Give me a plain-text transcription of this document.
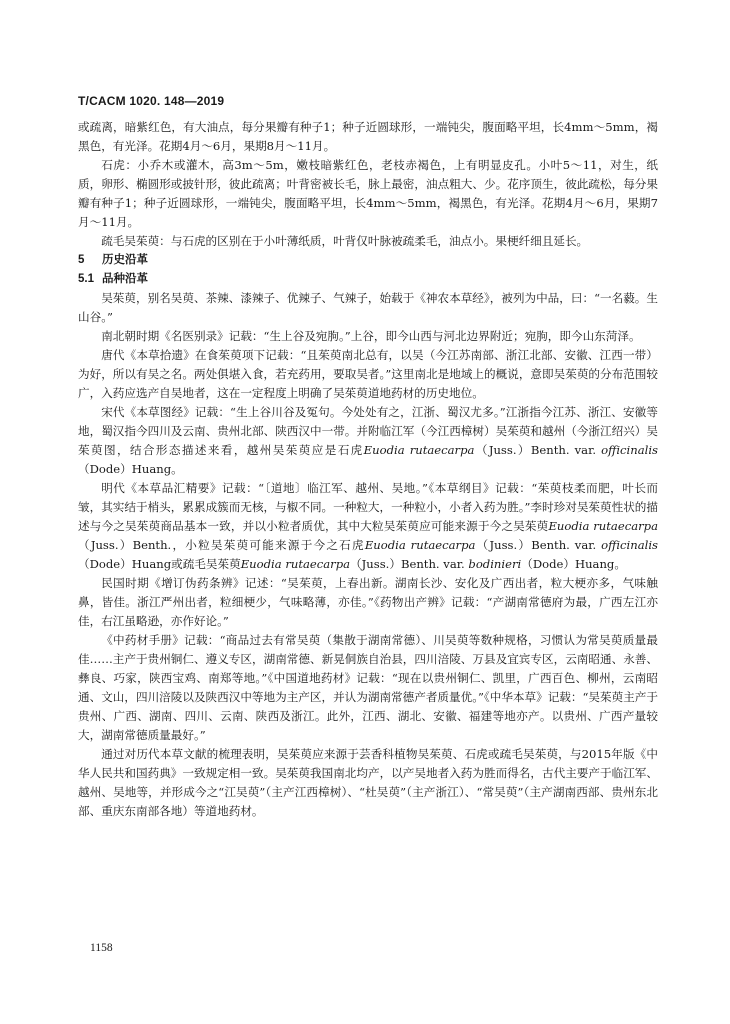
T/CACM 1020. 148—2019

或疏离，暗紫红色，有大油点，每分果瓣有种子1；种子近圆球形，一端钝尖，腹面略平坦，长4mm～5mm，褐黑色，有光泽。花期4月～6月，果期8月～11月。

石虎：小乔木或灌木，高3m～5m，嫩枝暗紫红色，老枝赤褐色，上有明显皮孔。小叶5～11，对生，纸质，卵形、椭圆形或披针形，彼此疏离；叶背密被长毛，脉上最密，油点粗大、少。花序顶生，彼此疏松，每分果瓣有种子1；种子近圆球形，一端钝尖，腹面略平坦，长4mm～5mm，褐黑色，有光泽。花期4月～6月，果期7月～11月。

疏毛吴茱萸：与石虎的区别在于小叶薄纸质，叶背仅叶脉被疏柔毛，油点小。果梗纤细且延长。

5 历史沿革

5.1 品种沿革

吴茱萸，别名吴萸、茶辣、漆辣子、优辣子、气辣子，始载于《神农本草经》，被列为中品，曰：“一名藙。生山谷。”

南北朝时期《名医别录》记载：“生上谷及宛朐。”上谷，即今山西与河北边界附近；宛朐，即今山东菏泽。

唐代《本草拾遗》在食茱萸项下记载：“且茱萸南北总有，以吴（今江苏南部、浙江北部、安徽、江西一带）为好，所以有吴之名。两处俱堪入食，若充药用，要取吴者。”这里南北是地域上的概说，意即吴茱萸的分布范围较广，入药应选产自吴地者，这在一定程度上明确了吴茱萸道地药材的历史地位。

宋代《本草图经》记载：“生上谷川谷及冤句。今处处有之，江浙、蜀汉尤多。”江浙指今江苏、浙江、安徽等地，蜀汉指今四川及云南、贵州北部、陕西汉中一带。并附临江军（今江西樟树）吴茱萸和越州（今浙江绍兴）吴茱萸图，结合形态描述来看，越州吴茱萸应是石虎Euodia rutaecarpa（Juss.）Benth. var. officinalis（Dode）Huang。

明代《本草品汇精要》记载：“〔道地〕临江军、越州、吴地。”《本草纲目》记载：“茱萸枝柔而肥，叶长而皱，其实结于梢头，累累成簇而无核，与椒不同。一种粒大，一种粒小，小者入药为胜。”李时珍对吴茱萸性状的描述与今之吴茱萸商品基本一致，并以小粒者质优，其中大粒吴茱萸应可能来源于今之吴茱萸Euodia rutaecarpa（Juss.）Benth.，小粒吴茱萸可能来源于今之石虎Euodia rutaecarpa（Juss.）Benth. var. officinalis（Dode）Huang或疏毛吴茱萸Euodia rutaecarpa（Juss.）Benth. var. bodinieri（Dode）Huang。

民国时期《增订伪药条辨》记述：“吴茱萸，上春出新。湖南长沙、安化及广西出者，粒大梗亦多，气味触鼻，皆佳。浙江严州出者，粒细梗少，气味略薄，亦佳。”《药物出产辨》记载：“产湖南常德府为最，广西左江亦佳，右江虽略逊，亦作好论。”

《中药材手册》记载：“商品过去有常吴萸（集散于湖南常德）、川吴萸等数种规格，习惯认为常吴萸质量最佳……主产于贵州铜仁、遵义专区，湖南常德、新晃侗族自治县，四川涪陵、万县及宜宾专区，云南昭通、永善、彝良、巧家，陕西宝鸡、南郑等地。”《中国道地药材》记载：“现在以贵州铜仁、凯里，广西百色、柳州，云南昭通、文山，四川涪陵以及陕西汉中等地为主产区，并认为湖南常德产者质量优。”《中华本草》记载：“吴茱萸主产于贵州、广西、湖南、四川、云南、陕西及浙江。此外，江西、湖北、安徽、福建等地亦产。以贵州、广西产量较大，湖南常德质量最好。”

通过对历代本草文献的梳理表明，吴茱萸应来源于芸香科植物吴茱萸、石虎或疏毛吴茱萸，与2015年版《中华人民共和国药典》一致规定相一致。吴茱萸我国南北均产，以产吴地者入药为胜而得名，古代主要产于临江军、越州、吴地等，并形成今之“江吴萸”（主产江西樟树）、“杜吴萸”（主产浙江）、“常吴萸”（主产湖南西部、贵州东北部、重庆东南部各地）等道地药材。

1158
